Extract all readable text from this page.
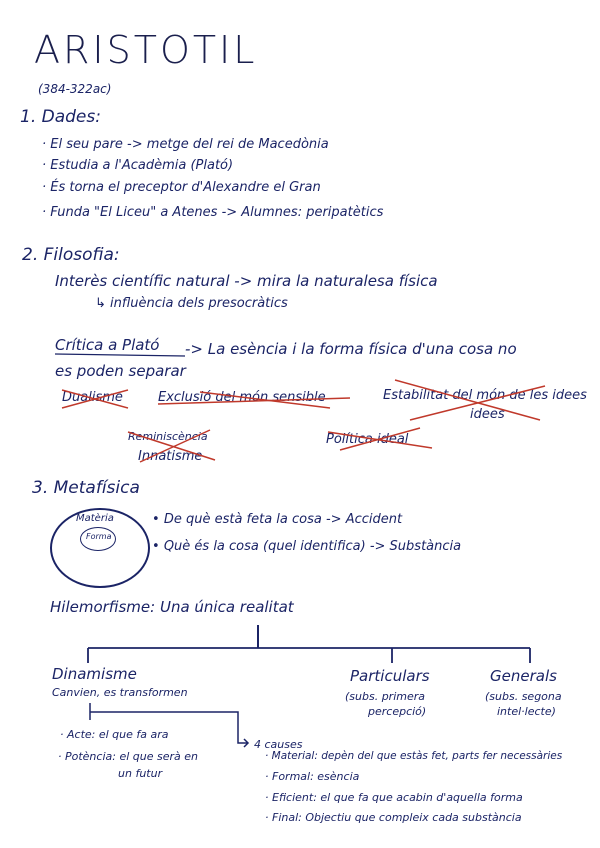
ARISTOTIL
(384-322ac)
1. Dades:
· El seu pare -> metge del rei de Macedònia
· Estudia a l'Acadèmia (Plató)
· És torna el preceptor d'Alexandre el Gran
· Funda "El Liceu" a Atenes -> Alumnes: peripatètics
2. Filosofia:
Interès científic natural -> mira la naturalesa física
↳ influència dels presocràtics
Crítica a Plató -> La esència i la forma física d'una cosa no
es poden separar
Dualisme	Exclusió del món sensible	Estabilitat del món de les idees
idees
Reminiscència
Innatisme
Política ideal
3. Metafísica
Matèria
Forma
• De què està feta la cosa -> Accident
• Què és la cosa (quel identifica) -> Substància
Hilemorfisme: Una única realitat
Dinamisme
Canvien, es transformen
Particulars
(subs. primera
percepció)
Generals
(subs. segona
intel·lecte)
· Acte: el que fa ara
· Potència: el que serà en
un futur
4 causes
· Material: depèn del que estàs fet, parts fer necessàries
· Formal: esència
· Eficient: el que fa que acabin d'aquella forma
· Final: Objectiu que compleix cada substància
